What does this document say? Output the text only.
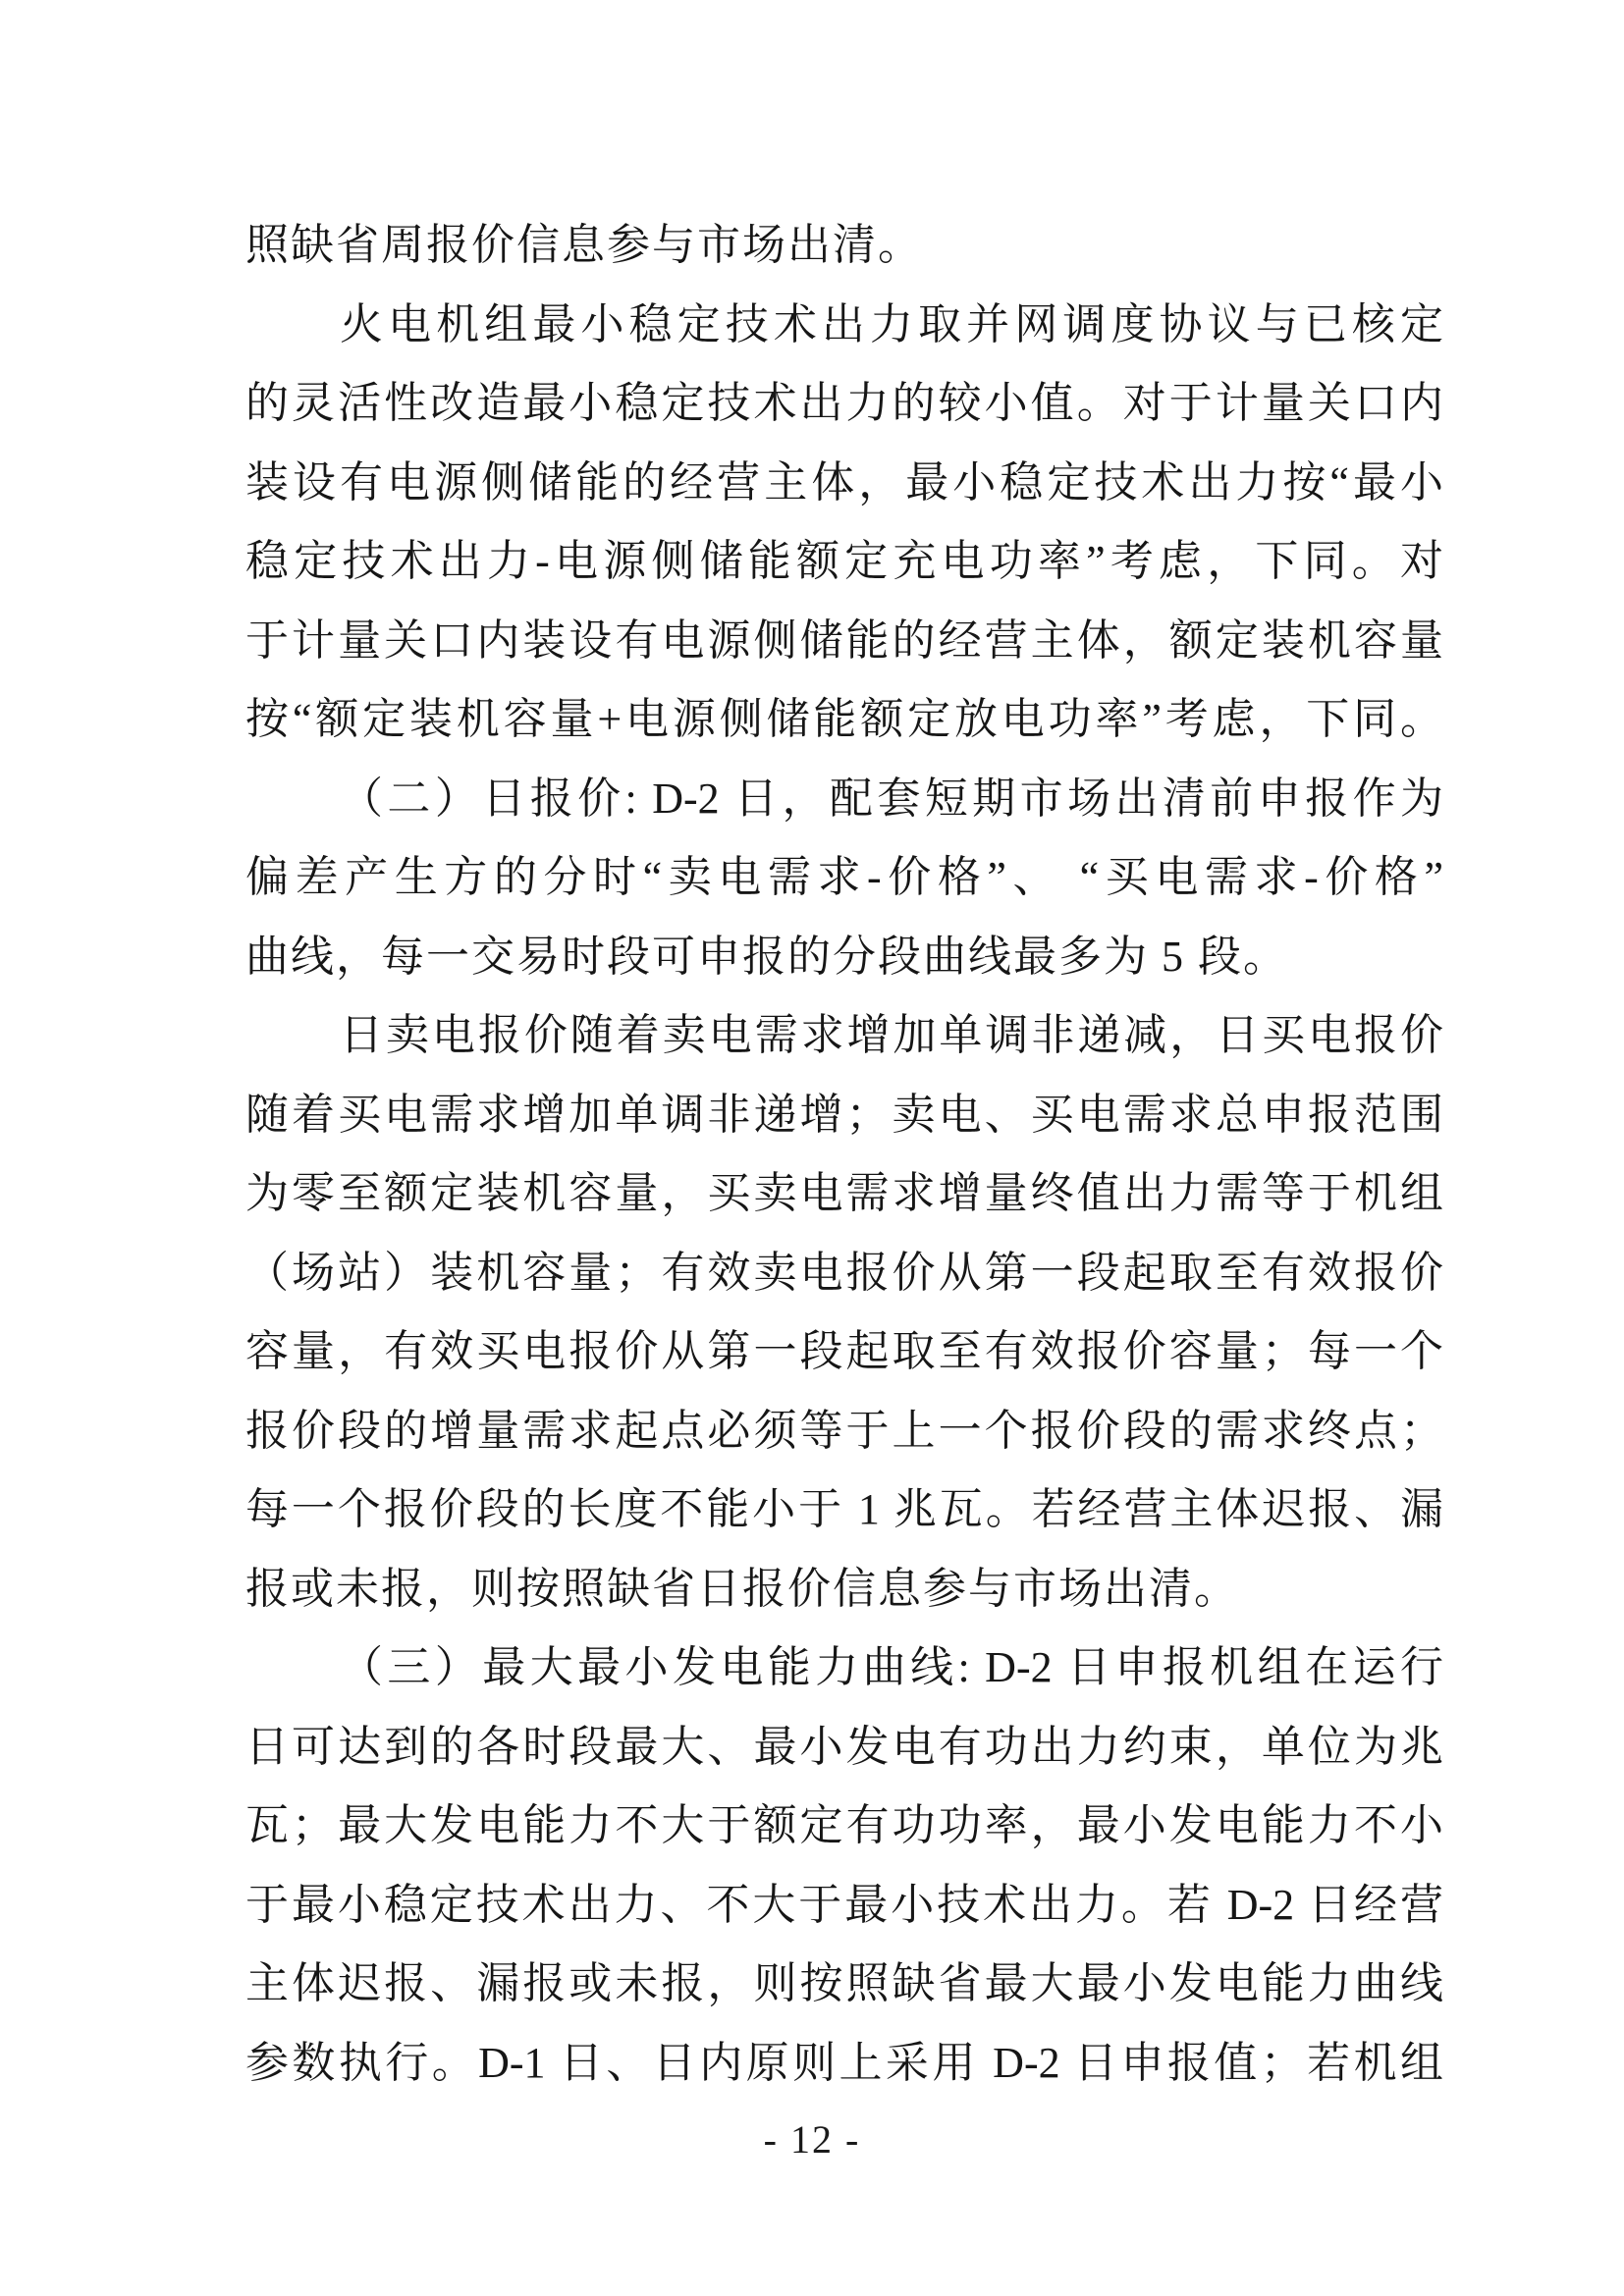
照缺省周报价信息参与市场出清。
火电机组最小稳定技术出力取并网调度协议与已核定
的灵活性改造最小稳定技术出力的较小值。对于计量关口内
装设有电源侧储能的经营主体，最小稳定技术出力按“最小
稳定技术出力-电源侧储能额定充电功率”考虑，下同。对
于计量关口内装设有电源侧储能的经营主体，额定装机容量
按“额定装机容量+电源侧储能额定放电功率”考虑，下同。
（二）日报价: D-2 日，配套短期市场出清前申报作为
偏差产生方的分时“卖电需求-价格”、 “买电需求-价格”
曲线，每一交易时段可申报的分段曲线最多为 5 段。
日卖电报价随着卖电需求增加单调非递减，日买电报价
随着买电需求增加单调非递增；卖电、买电需求总申报范围
为零至额定装机容量，买卖电需求增量终值出力需等于机组
（场站）装机容量；有效卖电报价从第一段起取至有效报价
容量，有效买电报价从第一段起取至有效报价容量；每一个
报价段的增量需求起点必须等于上一个报价段的需求终点；
每一个报价段的长度不能小于 1 兆瓦。若经营主体迟报、漏
报或未报，则按照缺省日报价信息参与市场出清。
（三）最大最小发电能力曲线: D-2 日申报机组在运行
日可达到的各时段最大、最小发电有功出力约束，单位为兆
瓦；最大发电能力不大于额定有功功率，最小发电能力不小
于最小稳定技术出力、不大于最小技术出力。若 D-2 日经营
主体迟报、漏报或未报，则按照缺省最大最小发电能力曲线
参数执行。D-1 日、日内原则上采用 D-2 日申报值；若机组
- 12 -
